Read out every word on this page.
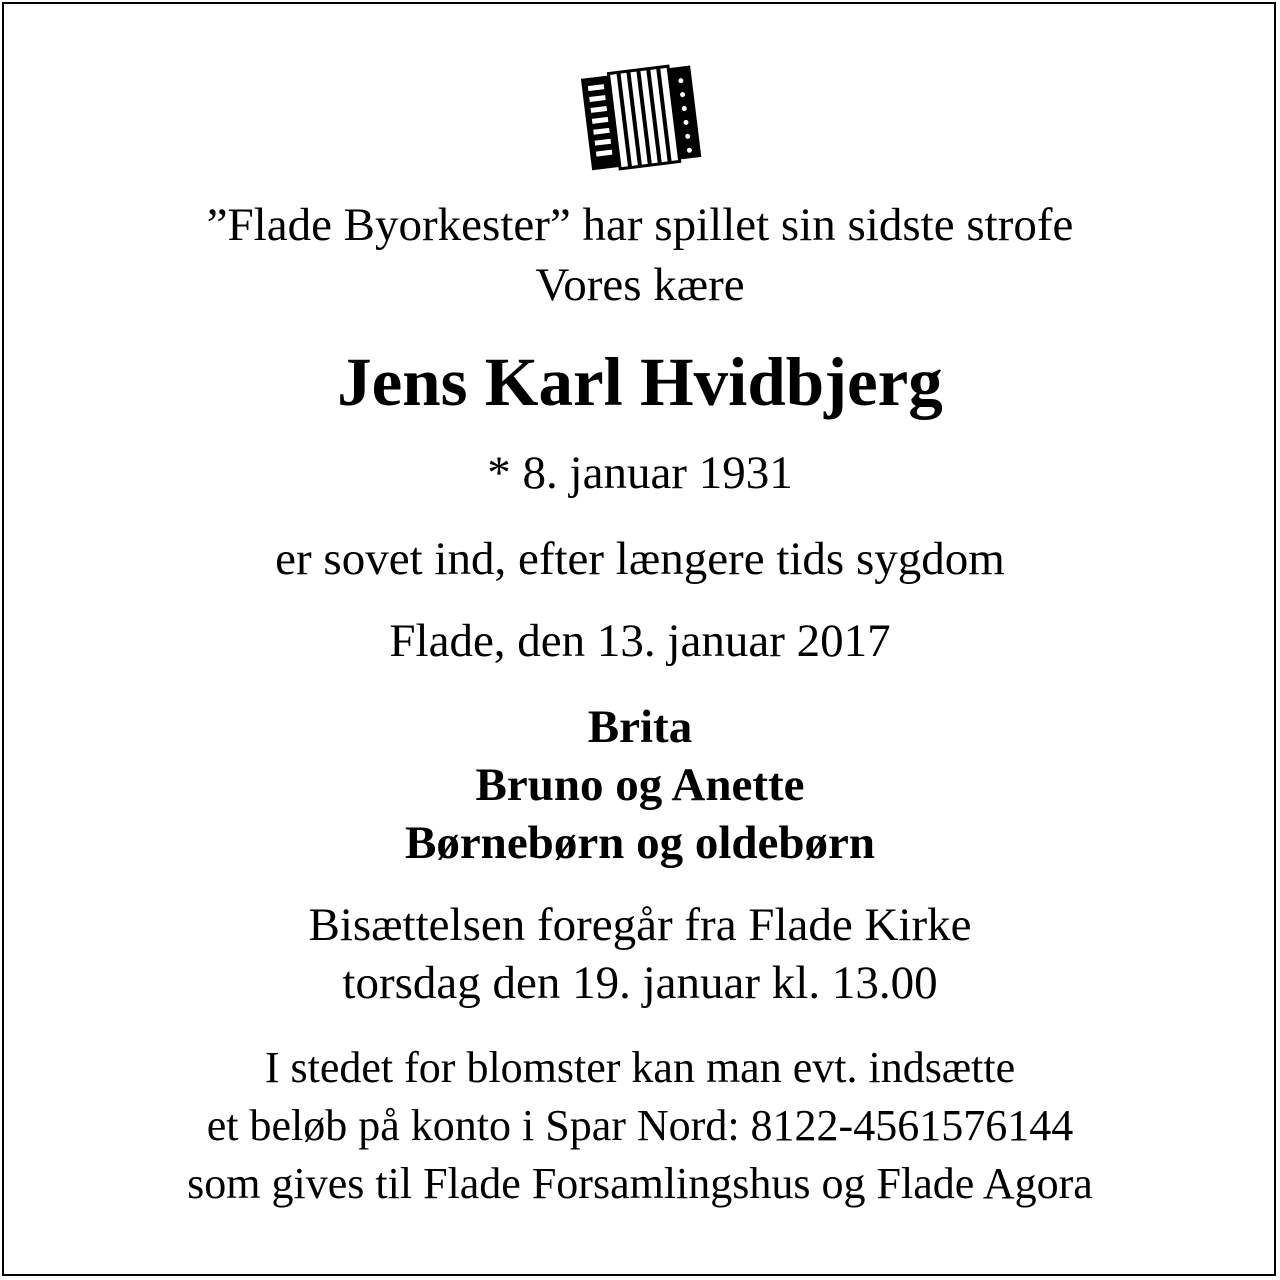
”Flade Byorkester” har spillet sin sidste strofe
Vores kære
Jens Karl Hvidbjerg
* 8. januar 1931
er sovet ind, efter længere tids sygdom
Flade, den 13. januar 2017
Brita
Bruno og Anette
Børnebørn og oldebørn
Bisættelsen foregår fra Flade Kirke
torsdag den 19. januar kl. 13.00
I stedet for blomster kan man evt. indsætte
et beløb på konto i Spar Nord: 8122-4561576144
som gives til Flade Forsamlingshus og Flade Agora
